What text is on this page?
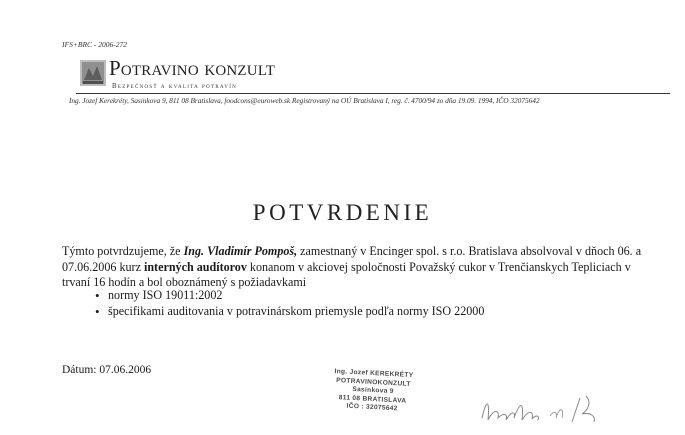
IFS+BRC - 2006-272
Potravino konzult
Bezpečnosť a kvalita potravín
Ing. Jozef Kerekréty, Sasinkova 9, 811 08 Bratislava, foodcons@euroweb.sk Registrovaný na OÚ Bratislava I, reg. č. 4700/94 zo dňa 19.09. 1994, IČO 32075642
POTVRDENIE
Týmto potvrdzujeme, že Ing. Vladimír Pompoš, zamestnaný v Encinger spol. s r.o. Bratislava absolvoval v dňoch 06. a 07.06.2006 kurz interných audítorov konanom v akciovej spoločnosti Považský cukor v Trenčianskych Tepliciach v trvaní 16 hodín a bol oboznámený s požiadavkami
• normy ISO 19011:2002
• špecifikami auditovania v potravinárskom priemysle podľa normy ISO 22000
Dátum: 07.06.2006	Ing. Jozef KEREKRÉTY
POTRAVINOKONZULT
Sasinkova 9
811 08 BRATISLAVA
IČO : 32075642
